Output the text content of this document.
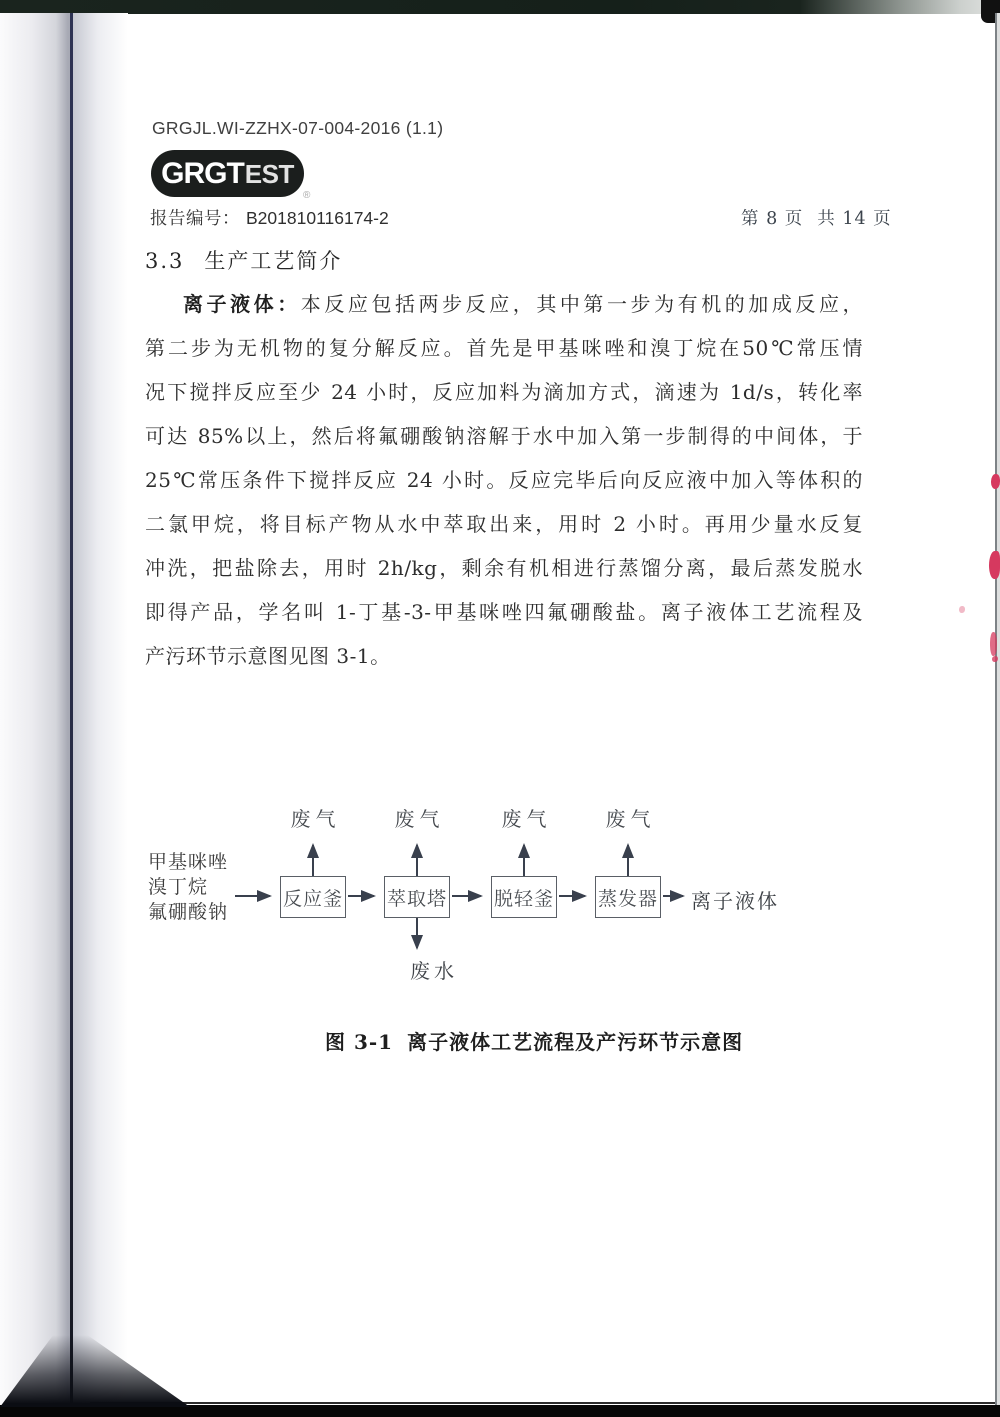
GRGJL.WI-ZZHX-07-004-2016 (1.1)
GRGT EST
®
报告编号： B201810116174-2	第 8 页 共 14 页
3.3 生产工艺简介
离子液体：本反应包括两步反应，其中第一步为有机的加成反应，
第二步为无机物的复分解反应。首先是甲基咪唑和溴丁烷在50℃常压情
况下搅拌反应至少 24 小时，反应加料为滴加方式，滴速为 1d/s，转化率
可达 85%以上，然后将氟硼酸钠溶解于水中加入第一步制得的中间体，于
25℃常压条件下搅拌反应 24 小时。反应完毕后向反应液中加入等体积的
二氯甲烷，将目标产物从水中萃取出来，用时 2 小时。再用少量水反复
冲洗，把盐除去，用时 2h/kg，剩余有机相进行蒸馏分离，最后蒸发脱水
即得产品，学名叫 1-丁基-3-甲基咪唑四氟硼酸盐。离子液体工艺流程及
产污环节示意图见图 3-1。
甲基咪唑
溴丁烷
氟硼酸钠
反应釜 萃取塔 脱轻釜 蒸发器
废气	废气	废气	废气
废水
离子液体
图 3-1 离子液体工艺流程及产污环节示意图
